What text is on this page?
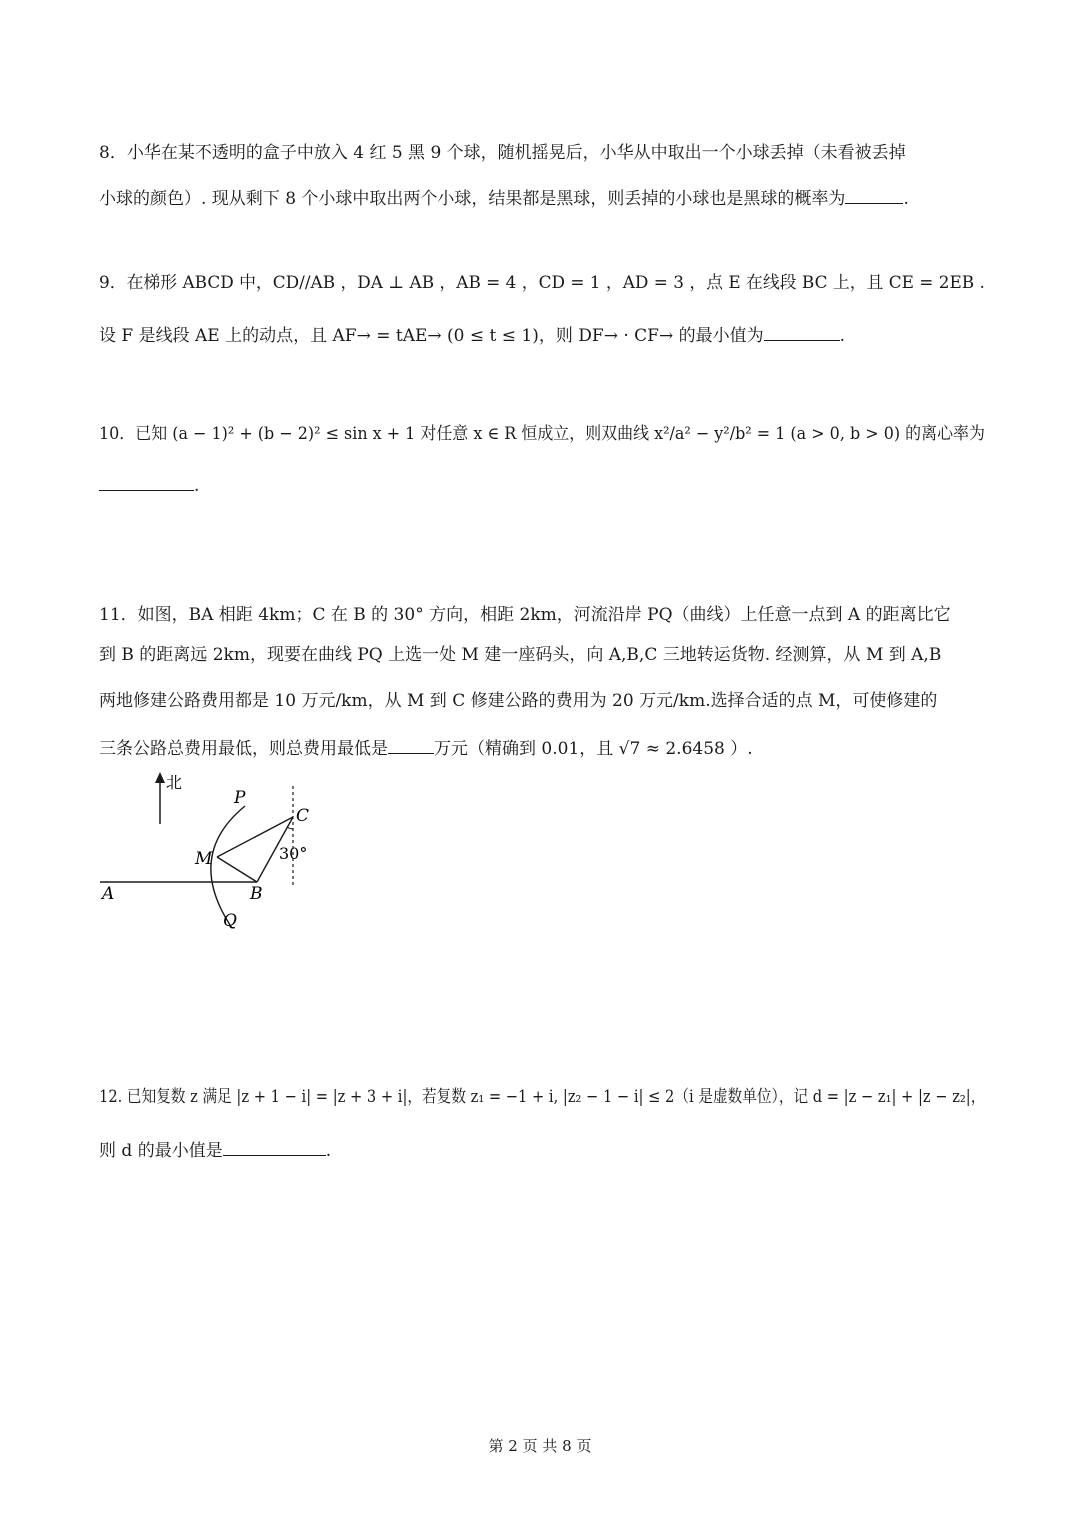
8．小华在某不透明的盒子中放入 4 红 5 黑 9 个球，随机摇晃后，小华从中取出一个小球丢掉（未看被丢掉
小球的颜色）. 现从剩下 8 个小球中取出两个小球，结果都是黑球，则丢掉的小球也是黑球的概率为	.
9．在梯形 ABCD 中，CD//AB ，DA ⊥ AB ，AB = 4 ，CD = 1 ，AD = 3 ，点 E 在线段 BC 上，且 CE = 2EB .
设 F 是线段 AE 上的动点，且 AF→ = tAE→ (0 ≤ t ≤ 1)，则 DF→ · CF→ 的最小值为	.
10．已知 (a − 1)² + (b − 2)² ≤ sin x + 1 对任意 x ∈ R 恒成立，则双曲线 x²/a² − y²/b² = 1 (a > 0, b > 0) 的离心率为
.
11．如图，BA 相距 4km；C 在 B 的 30° 方向，相距 2km，河流沿岸 PQ（曲线）上任意一点到 A 的距离比它
到 B 的距离远 2km，现要在曲线 PQ 上选一处 M 建一座码头，向 A,B,C 三地转运货物. 经测算，从 M 到 A,B
两地修建公路费用都是 10 万元/km，从 M 到 C 修建公路的费用为 20 万元/km.选择合适的点 M，可使修建的
三条公路总费用最低，则总费用最低是	万元（精确到 0.01，且 √7 ≈ 2.6458 ）.
北
P
C
M	30°
A	B
Q
12. 已知复数 z 满足 |z + 1 − i| = |z + 3 + i|，若复数 z₁ = −1 + i, |z₂ − 1 − i| ≤ 2（i 是虚数单位），记 d = |z − z₁| + |z − z₂|，
则 d 的最小值是	.
第 2 页 共 8 页
